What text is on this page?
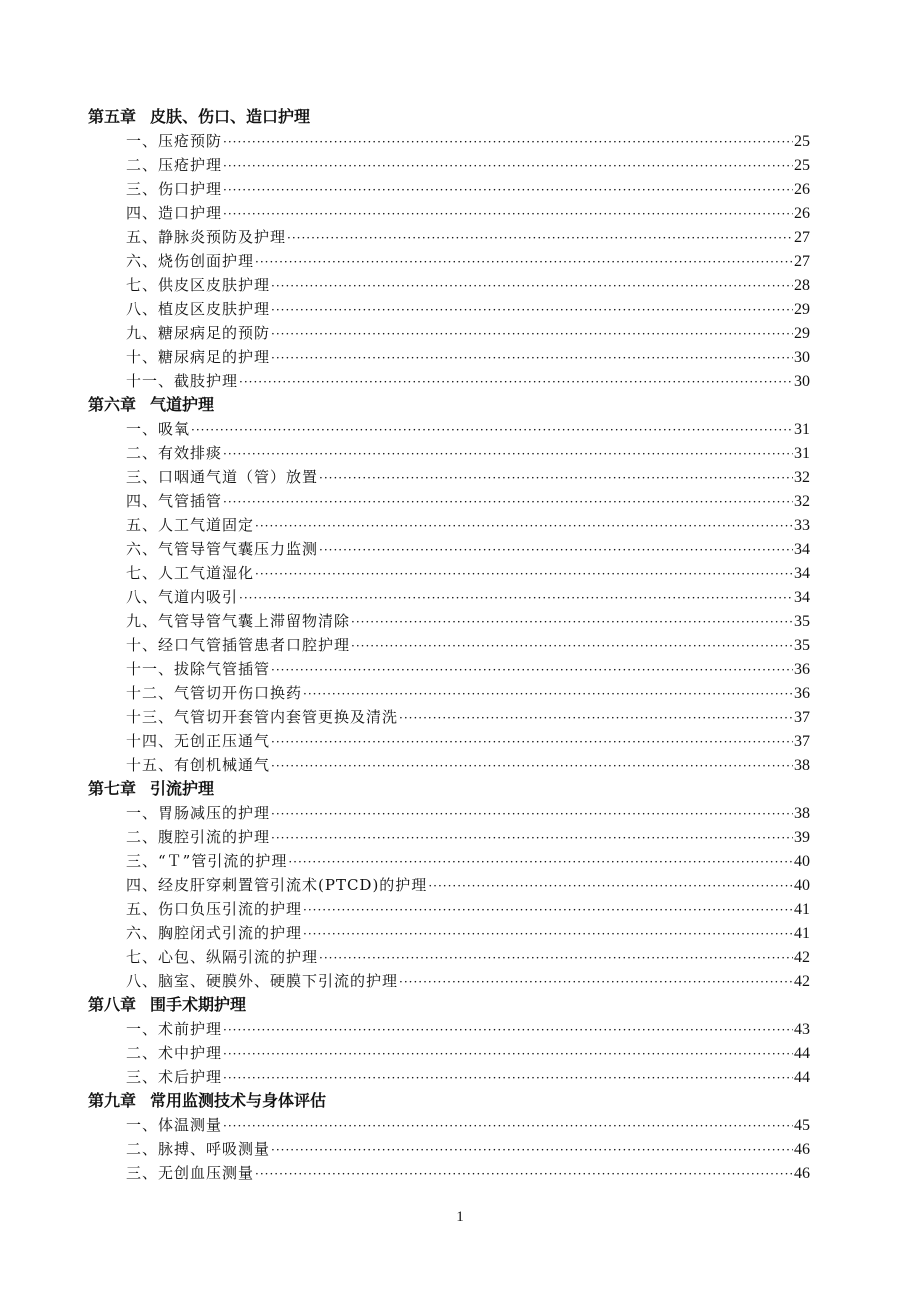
第五章 皮肤、伤口、造口护理
一、压疮预防 ·····	25
二、压疮护理 ·····	25
三、伤口护理 ·····	26
四、造口护理 ·····	26
五、静脉炎预防及护理 ·····	27
六、烧伤创面护理 ·····	27
七、供皮区皮肤护理 ·····	28
八、植皮区皮肤护理 ·····	29
九、糖尿病足的预防 ·····	29
十、糖尿病足的护理 ·····	30
十一、截肢护理 ·····	30
第六章 气道护理
一、吸氧 ·····	31
二、有效排痰 ·····	31
三、口咽通气道（管）放置 ·····	32
四、气管插管 ·····	32
五、人工气道固定 ·····	33
六、气管导管气囊压力监测 ·····	34
七、人工气道湿化 ·····	34
八、气道内吸引 ·····	34
九、气管导管气囊上滞留物清除 ·····	35
十、经口气管插管患者口腔护理 ·····	35
十一、拔除气管插管 ·····	36
十二、气管切开伤口换药 ·····	36
十三、气管切开套管内套管更换及清洗 ·····	37
十四、无创正压通气 ·····	37
十五、有创机械通气 ·····	38
第七章 引流护理
一、胃肠减压的护理 ·····	38
二、腹腔引流的护理 ·····	39
三、“Ｔ”管引流的护理 ·····	40
四、经皮肝穿刺置管引流术(PTCD)的护理 ·····	40
五、伤口负压引流的护理 ·····	41
六、胸腔闭式引流的护理 ·····	41
七、心包、纵隔引流的护理 ·····	42
八、脑室、硬膜外、硬膜下引流的护理 ·····	42
第八章 围手术期护理
一、术前护理 ·····	43
二、术中护理 ·····	44
三、术后护理 ·····	44
第九章 常用监测技术与身体评估
一、体温测量 ·····	45
二、脉搏、呼吸测量 ·····	46
三、无创血压测量 ·····	46
1
